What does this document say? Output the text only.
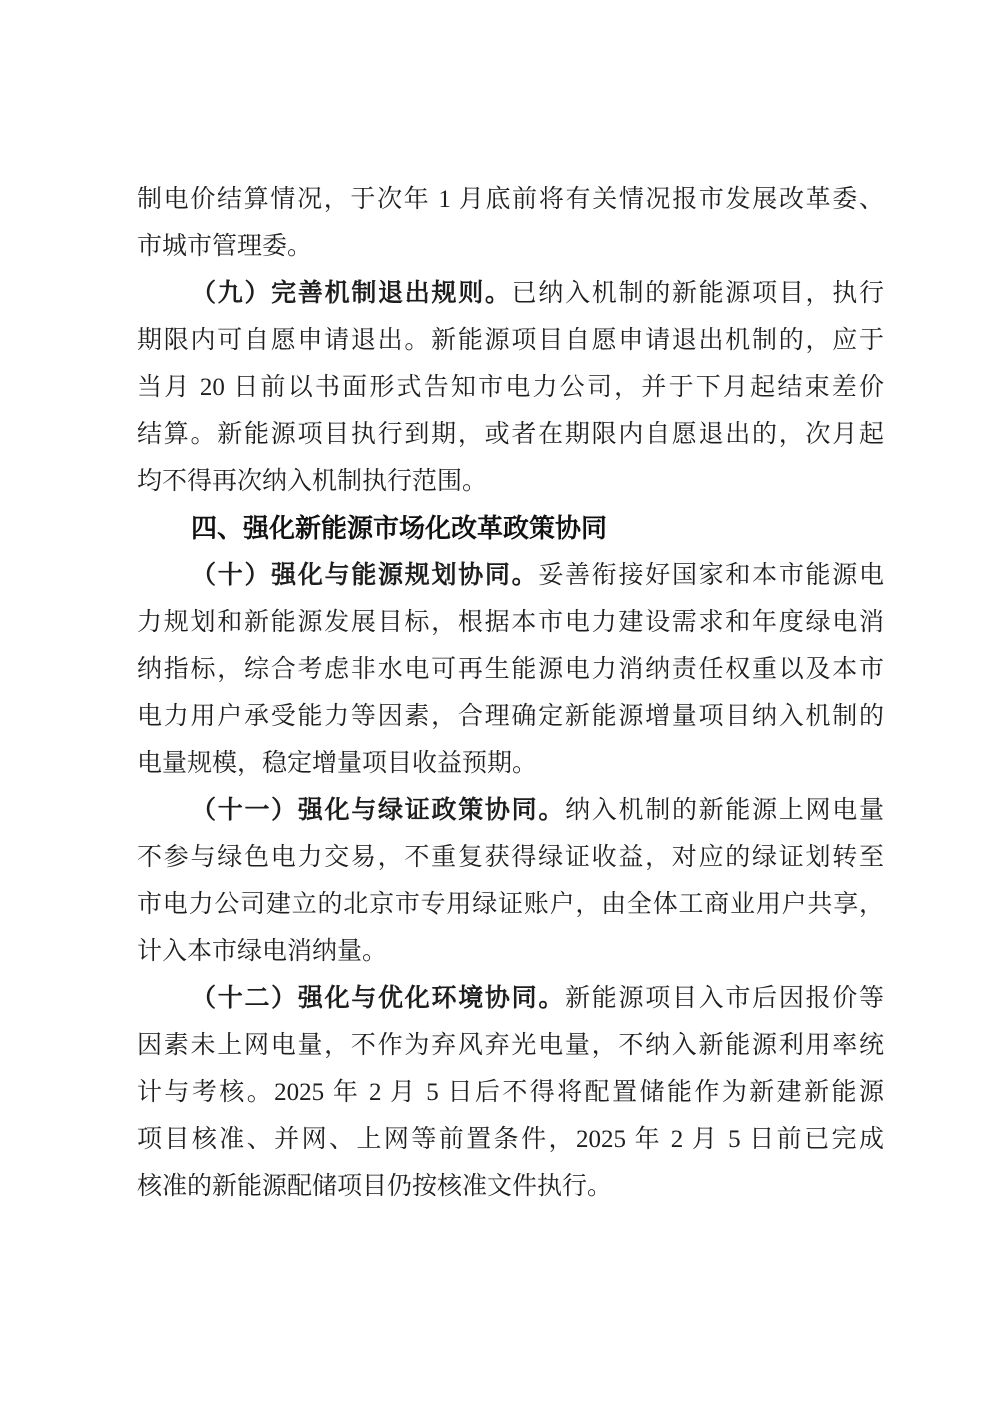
制电价结算情况，于次年 1 月底前将有关情况报市发展改革委、
市城市管理委。
（九）完善机制退出规则。已纳入机制的新能源项目，执行
期限内可自愿申请退出。新能源项目自愿申请退出机制的，应于
当月 20 日前以书面形式告知市电力公司，并于下月起结束差价
结算。新能源项目执行到期，或者在期限内自愿退出的，次月起
均不得再次纳入机制执行范围。
四、强化新能源市场化改革政策协同
（十）强化与能源规划协同。妥善衔接好国家和本市能源电
力规划和新能源发展目标，根据本市电力建设需求和年度绿电消
纳指标，综合考虑非水电可再生能源电力消纳责任权重以及本市
电力用户承受能力等因素，合理确定新能源增量项目纳入机制的
电量规模，稳定增量项目收益预期。
（十一）强化与绿证政策协同。纳入机制的新能源上网电量
不参与绿色电力交易，不重复获得绿证收益，对应的绿证划转至
市电力公司建立的北京市专用绿证账户，由全体工商业用户共享，
计入本市绿电消纳量。
（十二）强化与优化环境协同。新能源项目入市后因报价等
因素未上网电量，不作为弃风弃光电量，不纳入新能源利用率统
计与考核。2025 年 2 月 5 日后不得将配置储能作为新建新能源
项目核准、并网、上网等前置条件，2025 年 2 月 5 日前已完成
核准的新能源配储项目仍按核准文件执行。
